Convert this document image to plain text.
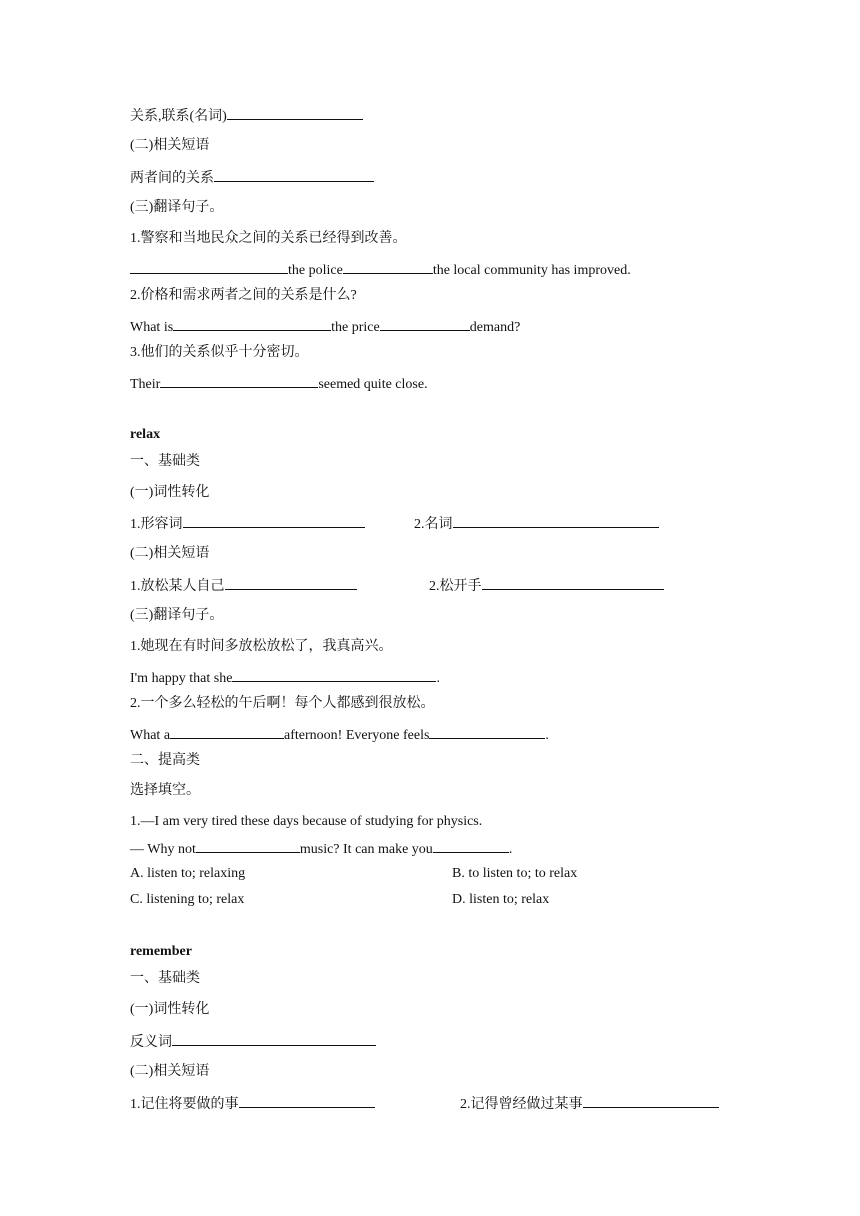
关系,联系(名词)
(二)相关短语
两者间的关系
(三)翻译句子。
1.警察和当地民众之间的关系已经得到改善。
the police	the local community has improved.
2.价格和需求两者之间的关系是什么?
What is	the price	demand?
3.他们的关系似乎十分密切。
Their	seemed quite close.
relax
一、基础类
(一)词性转化
1.形容词	2.名词
(二)相关短语
1.放松某人自己	2.松开手
(三)翻译句子。
1.她现在有时间多放松放松了，我真高兴。
I'm happy that she	.
2.一个多么轻松的午后啊！每个人都感到很放松。
What a	afternoon! Everyone feels	.
二、提高类
选择填空。
1.—I am very tired these days because of studying for physics.
— Why not	music? It can make you	.
A. listen to; relaxing	B. to listen to; to relax
C. listening to; relax	D. listen to; relax
remember
一、基础类
(一)词性转化
反义词
(二)相关短语
1.记住将要做的事	2.记得曾经做过某事
